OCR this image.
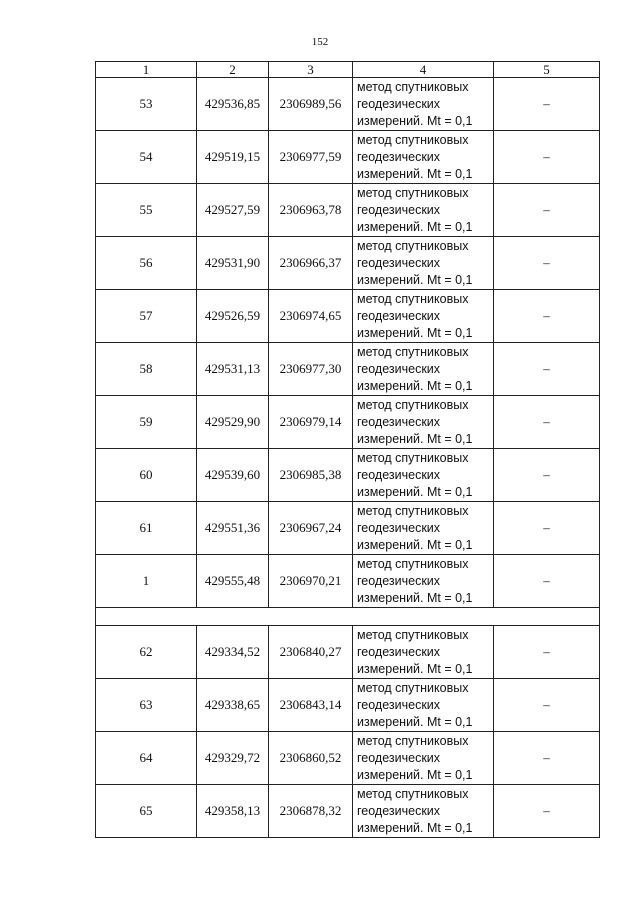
152
1	2	3	4	5
53	429536,85	2306989,56	метод спутниковых
геодезических
измерений. Mt = 0,1	–
54	429519,15	2306977,59	метод спутниковых
геодезических
измерений. Mt = 0,1	–
55	429527,59	2306963,78	метод спутниковых
геодезических
измерений. Mt = 0,1	–
56	429531,90	2306966,37	метод спутниковых
геодезических
измерений. Mt = 0,1	–
57	429526,59	2306974,65	метод спутниковых
геодезических
измерений. Mt = 0,1	–
58	429531,13	2306977,30	метод спутниковых
геодезических
измерений. Mt = 0,1	–
59	429529,90	2306979,14	метод спутниковых
геодезических
измерений. Mt = 0,1	–
60	429539,60	2306985,38	метод спутниковых
геодезических
измерений. Mt = 0,1	–
61	429551,36	2306967,24	метод спутниковых
геодезических
измерений. Mt = 0,1	–
1	429555,48	2306970,21	метод спутниковых
геодезических
измерений. Mt = 0,1	–

62	429334,52	2306840,27	метод спутниковых
геодезических
измерений. Mt = 0,1	–
63	429338,65	2306843,14	метод спутниковых
геодезических
измерений. Mt = 0,1	–
64	429329,72	2306860,52	метод спутниковых
геодезических
измерений. Mt = 0,1	–
65	429358,13	2306878,32	метод спутниковых
геодезических
измерений. Mt = 0,1	–
